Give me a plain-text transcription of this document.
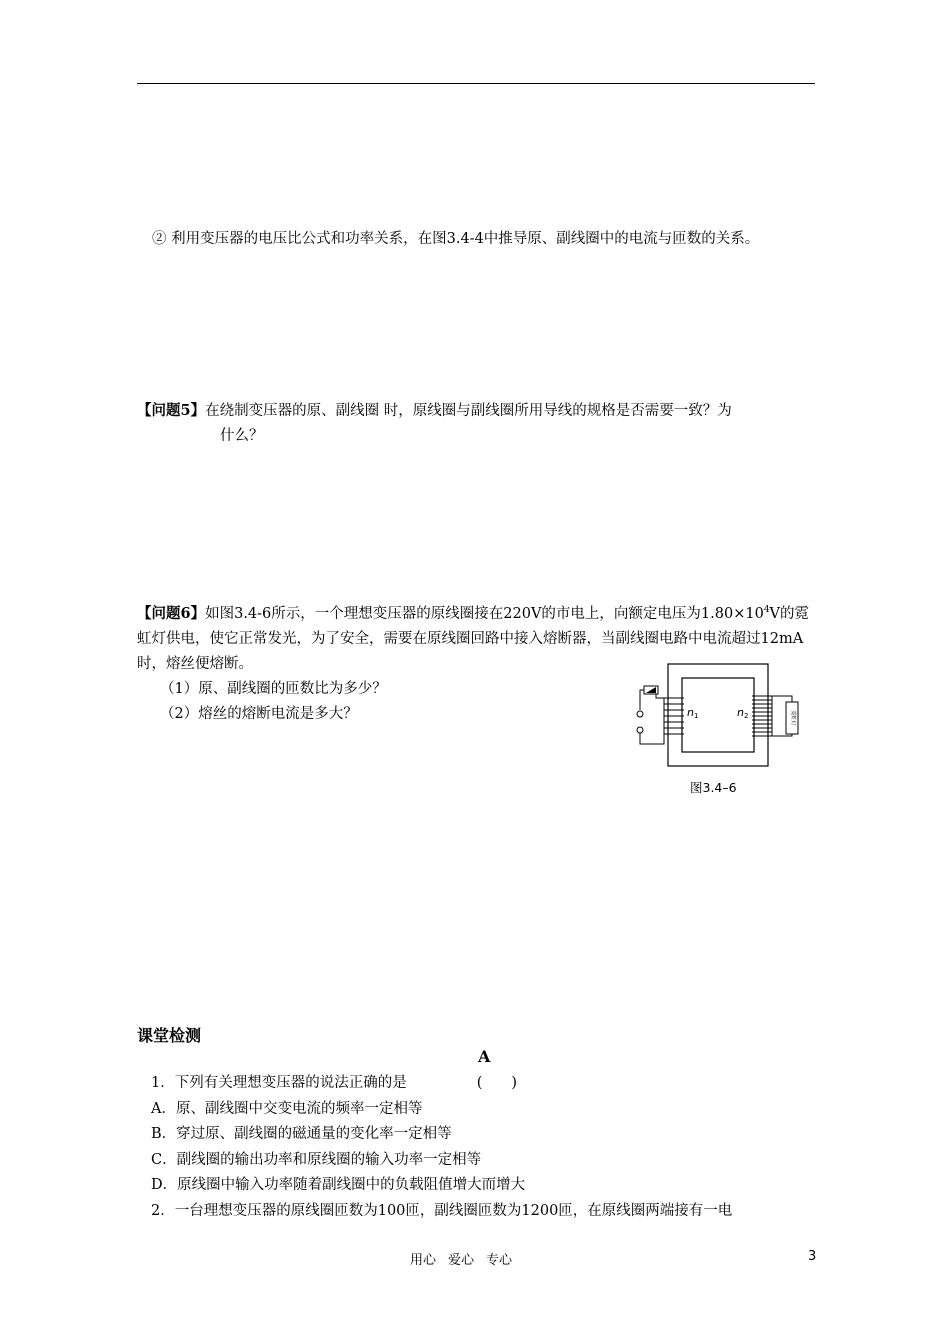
② 利用变压器的电压比公式和功率关系，在图3.4-4中推导原、副线圈中的电流与匝数的关系。

【问题5】在绕制变压器的原、副线圈 时，原线圈与副线圈所用导线的规格是否需要一致？为
什么？
【问题6】如图3.4-6所示，一个理想变压器的原线圈接在220V的市电上，向额定电压为$1.80\times 10^4V$的霓虹灯供电，使它正常发光，为了安全，需要在原线圈回路中接入熔断器，当副线圈电路中电流超过12mA时，熔丝便熔断。
（1）原、副线圈的匝数比为多少？
（2）熔丝的熔断电流是多大？	霓虹灯
n1	n2
图3.4–6
课堂检测
A
1．下列有关理想变压器的说法正确的是	(　　)
A．原、副线圈中交变电流的频率一定相等
B．穿过原、副线圈的磁通量的变化率一定相等
C．副线圈的输出功率和原线圈的输入功率一定相等
D．原线圈中输入功率随着副线圈中的负载阻值增大而增大
2．一台理想变压器的原线圈匝数为100匝，副线圈匝数为1200匝，在原线圈两端接有一电
用心 爱心 专心	3
